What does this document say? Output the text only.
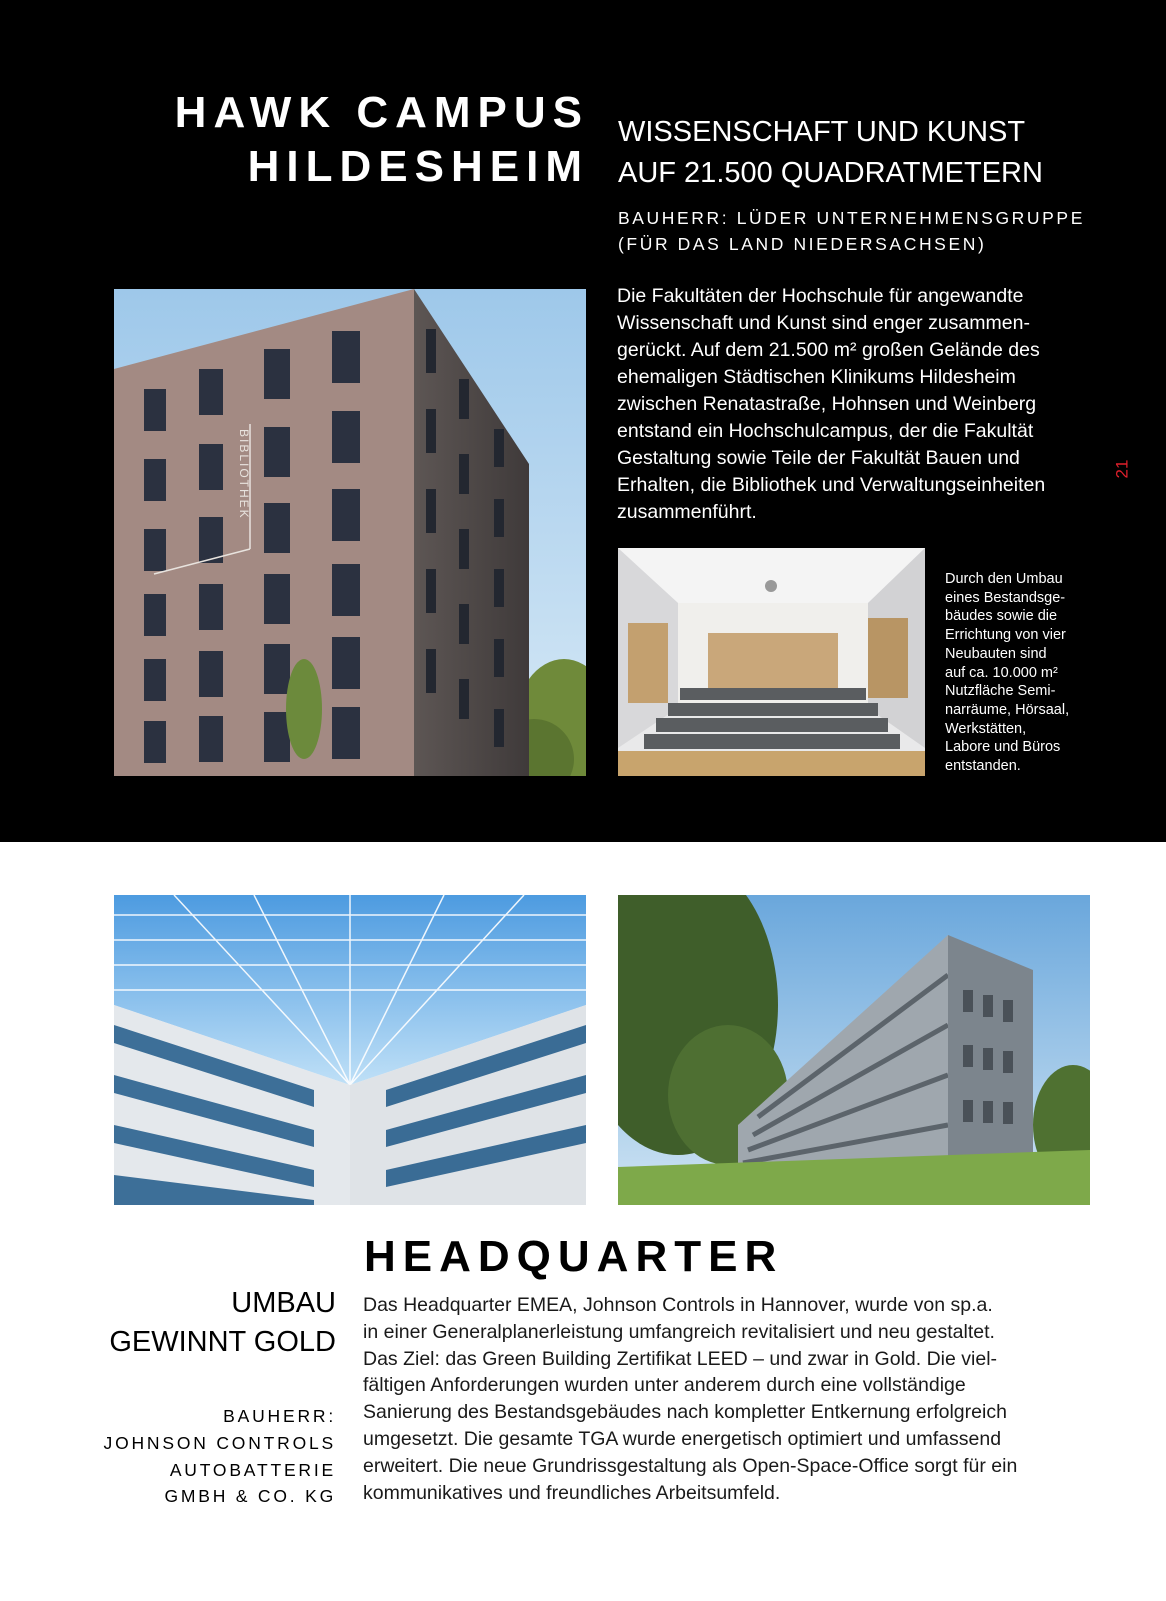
HAWK CAMPUS
HILDESHEIM
WISSENSCHAFT UND KUNST
AUF 21.500 QUADRATMETERN
BAUHERR: LÜDER UNTERNEHMENSGRUPPE
(FÜR DAS LAND NIEDERSACHSEN)
Die Fakultäten der Hochschule für angewandte
Wissenschaft und Kunst sind enger zusammen-
gerückt. Auf dem 21.500 m² großen Gelände des
ehemaligen Städtischen Klinikums Hildesheim
zwischen Renatastraße, Hohnsen und Weinberg
entstand ein Hochschulcampus, der die Fakultät
Gestaltung sowie Teile der Fakultät Bauen und
Erhalten, die Bibliothek und Verwaltungseinheiten
zusammenführt.
21
BIBLIOTHEK
Durch den Umbau
eines Bestandsge-
bäudes sowie die
Errichtung von vier
Neubauten sind
auf ca. 10.000 m²
Nutzfläche Semi-
narräume, Hörsaal,
Werkstätten,
Labore und Büros
entstanden.
HEADQUARTER
UMBAU
GEWINNT GOLD
BAUHERR:
JOHNSON CONTROLS
AUTOBATTERIE
GMBH & CO. KG
Das Headquarter EMEA, Johnson Controls in Hannover, wurde von sp.a.
in einer Generalplanerleistung umfangreich revitalisiert und neu gestaltet.
Das Ziel: das Green Building Zertifikat LEED – und zwar in Gold. Die viel-
fältigen Anforderungen wurden unter anderem durch eine vollständige
Sanierung des Bestandsgebäudes nach kompletter Entkernung erfolgreich
umgesetzt. Die gesamte TGA wurde energetisch optimiert und umfassend
erweitert. Die neue Grundrissgestaltung als Open-Space-Office sorgt für ein
kommunikatives und freundliches Arbeitsumfeld.
